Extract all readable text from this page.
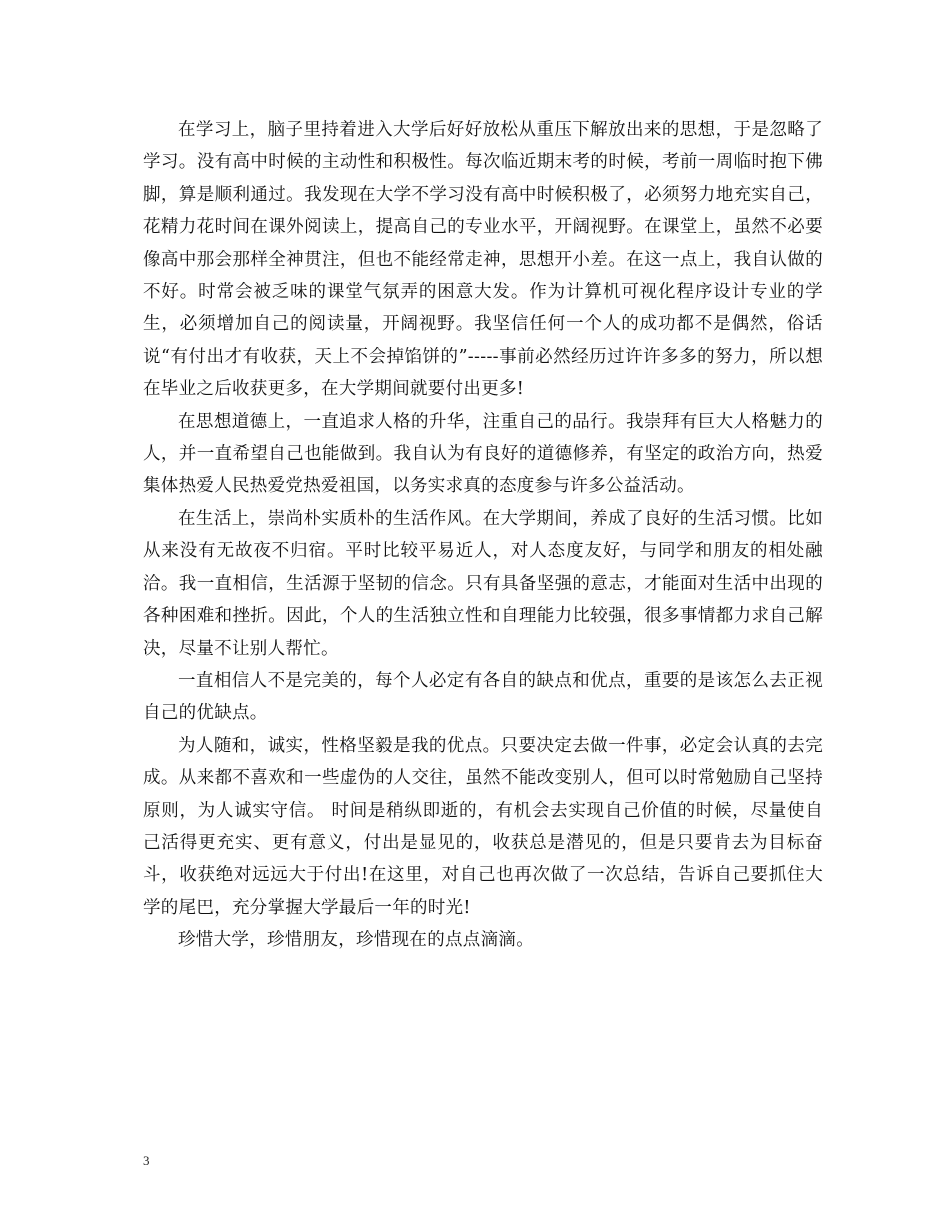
在学习上，脑子里持着进入大学后好好放松从重压下解放出来的思想，于是忽略了学习。没有高中时候的主动性和积极性。每次临近期末考的时候，考前一周临时抱下佛脚，算是顺利通过。我发现在大学不学习没有高中时候积极了，必须努力地充实自己，花精力花时间在课外阅读上，提高自己的专业水平，开阔视野。在课堂上，虽然不必要像高中那会那样全神贯注，但也不能经常走神，思想开小差。在这一点上，我自认做的不好。时常会被乏味的课堂气氛弄的困意大发。作为计算机可视化程序设计专业的学生，必须增加自己的阅读量，开阔视野。我坚信任何一个人的成功都不是偶然，俗话说“有付出才有收获，天上不会掉馅饼的”-----事前必然经历过许许多多的努力，所以想在毕业之后收获更多，在大学期间就要付出更多!

在思想道德上，一直追求人格的升华，注重自己的品行。我崇拜有巨大人格魅力的人，并一直希望自己也能做到。我自认为有良好的道德修养，有坚定的政治方向，热爱集体热爱人民热爱党热爱祖国，以务实求真的态度参与许多公益活动。

在生活上，崇尚朴实质朴的生活作风。在大学期间，养成了良好的生活习惯。比如从来没有无故夜不归宿。平时比较平易近人，对人态度友好，与同学和朋友的相处融洽。我一直相信，生活源于坚韧的信念。只有具备坚强的意志，才能面对生活中出现的各种困难和挫折。因此，个人的生活独立性和自理能力比较强，很多事情都力求自己解决，尽量不让别人帮忙。

一直相信人不是完美的，每个人必定有各自的缺点和优点，重要的是该怎么去正视自己的优缺点。

为人随和，诚实，性格坚毅是我的优点。只要决定去做一件事，必定会认真的去完成。从来都不喜欢和一些虚伪的人交往，虽然不能改变别人，但可以时常勉励自己坚持原则，为人诚实守信。 时间是稍纵即逝的，有机会去实现自己价值的时候，尽量使自己活得更充实、更有意义，付出是显见的，收获总是潜见的，但是只要肯去为目标奋斗，收获绝对远远大于付出!在这里，对自己也再次做了一次总结，告诉自己要抓住大学的尾巴，充分掌握大学最后一年的时光!

珍惜大学，珍惜朋友，珍惜现在的点点滴滴。

3
